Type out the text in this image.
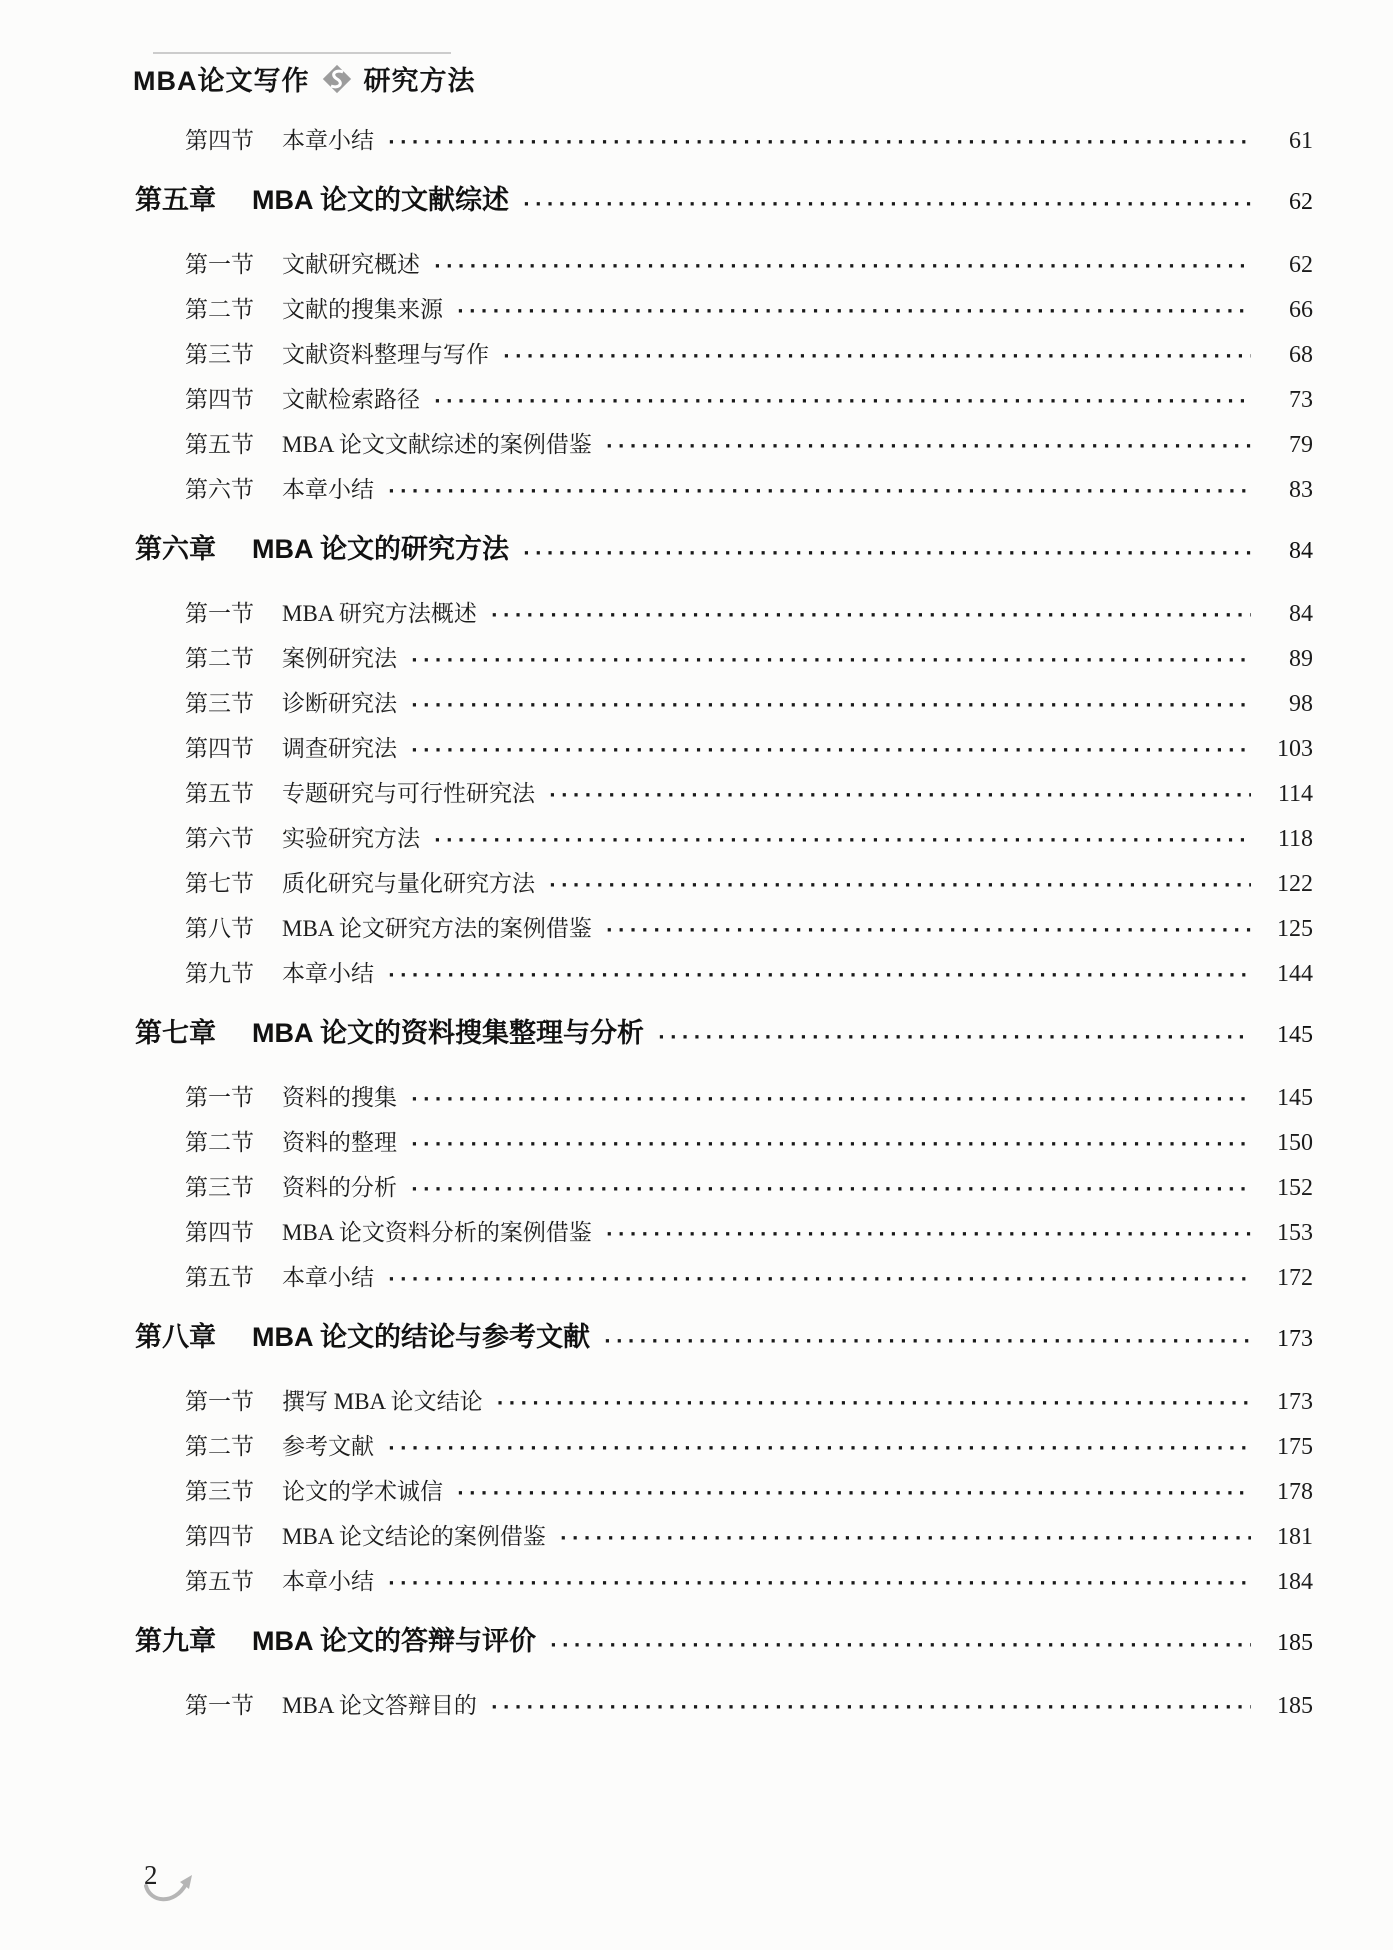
MBA论文写作 研究方法
第四节 本章小结 ·····	61
第五章 MBA 论文的文献综述 ·····	62
第一节 文献研究概述 ·····	62
第二节 文献的搜集来源 ·····	66
第三节 文献资料整理与写作 ·····	68
第四节 文献检索路径 ·····	73
第五节 MBA 论文文献综述的案例借鉴 ·····	79
第六节 本章小结 ·····	83
第六章 MBA 论文的研究方法 ·····	84
第一节 MBA 研究方法概述 ·····	84
第二节 案例研究法 ·····	89
第三节 诊断研究法 ·····	98
第四节 调查研究法 ·····	103
第五节 专题研究与可行性研究法 ·····	114
第六节 实验研究方法 ·····	118
第七节 质化研究与量化研究方法 ·····	122
第八节 MBA 论文研究方法的案例借鉴 ·····	125
第九节 本章小结 ·····	144
第七章 MBA 论文的资料搜集整理与分析 ·····	145
第一节 资料的搜集 ·····	145
第二节 资料的整理 ·····	150
第三节 资料的分析 ·····	152
第四节 MBA 论文资料分析的案例借鉴 ·····	153
第五节 本章小结 ·····	172
第八章 MBA 论文的结论与参考文献 ·····	173
第一节 撰写 MBA 论文结论 ·····	173
第二节 参考文献 ·····	175
第三节 论文的学术诚信 ·····	178
第四节 MBA 论文结论的案例借鉴 ·····	181
第五节 本章小结 ·····	184
第九章 MBA 论文的答辩与评价 ·····	185
第一节 MBA 论文答辩目的 ·····	185
2
